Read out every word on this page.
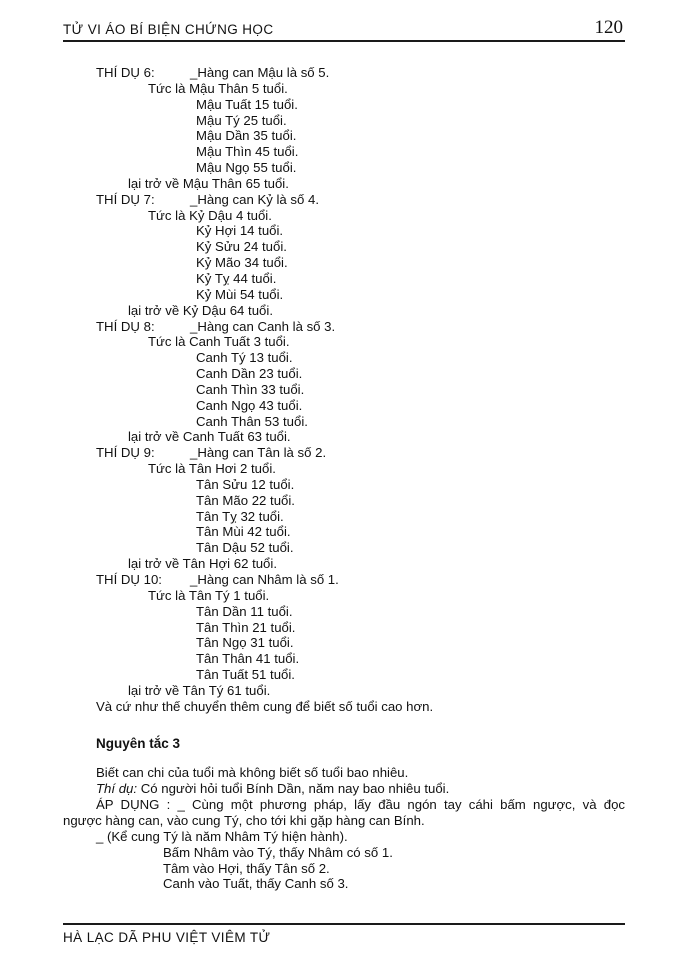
TỬ VI ÁO BÍ BIỆN CHỨNG HỌC	120
THÍ DỤ 6:	_Hàng can Mậu là số 5.
Tức là Mậu Thân 5 tuổi.
Mậu Tuất 15 tuổi.
Mậu Tý 25 tuổi.
Mậu Dần 35 tuổi.
Mậu Thìn 45 tuổi.
Mậu Ngọ 55 tuổi.
lại trở về Mậu Thân 65 tuổi.
THÍ DỤ 7:	_Hàng can Kỷ là số 4.
Tức là Kỷ Dậu 4 tuổi.
Kỷ Hợi 14 tuổi.
Kỷ Sửu 24 tuổi.
Kỷ Mão 34 tuổi.
Kỷ Tỵ 44 tuổi.
Kỷ Mùi 54 tuổi.
lại trở về Kỷ Dậu 64 tuổi.
THÍ DỤ 8:	_Hàng can Canh là số 3.
Tức là Canh Tuất 3 tuổi.
Canh Tý 13 tuổi.
Canh Dần 23 tuổi.
Canh Thìn 33 tuổi.
Canh Ngọ 43 tuổi.
Canh Thân 53 tuổi.
lại trở về Canh Tuất 63 tuổi.
THÍ DỤ 9:	_Hàng can Tân là số 2.
Tức là Tân Hơi 2 tuổi.
Tân Sửu 12 tuổi.
Tân Mão 22 tuổi.
Tân Tỵ 32 tuổi.
Tân Mùi 42 tuổi.
Tân Dậu 52 tuổi.
lại trở về Tân Hợi 62 tuổi.
THÍ DỤ 10: _Hàng can Nhâm là số 1.
Tức là Tân Tý 1 tuổi.
Tân Dần 11 tuổi.
Tân Thìn 21 tuổi.
Tân Ngọ 31 tuổi.
Tân Thân 41 tuổi.
Tân Tuất 51 tuổi.
lại trở về Tân Tý 61 tuổi.
Và cứ như thế chuyển thêm cung để biết số tuổi cao hơn.
Nguyên tắc 3
Biết can chi của tuổi mà không biết số tuổi bao nhiêu.
Thí dụ: Có người hỏi tuổi Bính Dần, năm nay bao nhiêu tuổi.
ÁP DỤNG : _ Cùng một phương pháp, lấy đầu ngón tay cáhi bấm ngược, và đọc
ngược hàng can, vào cung Tý, cho tới khi gặp hàng can Bính.
_ (Kể cung Tý là năm Nhâm Tý hiện hành).
Bấm Nhâm vào Tý, thấy Nhâm có số 1.
Tâm vào Hợi, thấy Tân số 2.
Canh vào Tuất, thấy Canh số 3.
HÀ LẠC DÃ PHU VIỆT VIÊM TỬ
